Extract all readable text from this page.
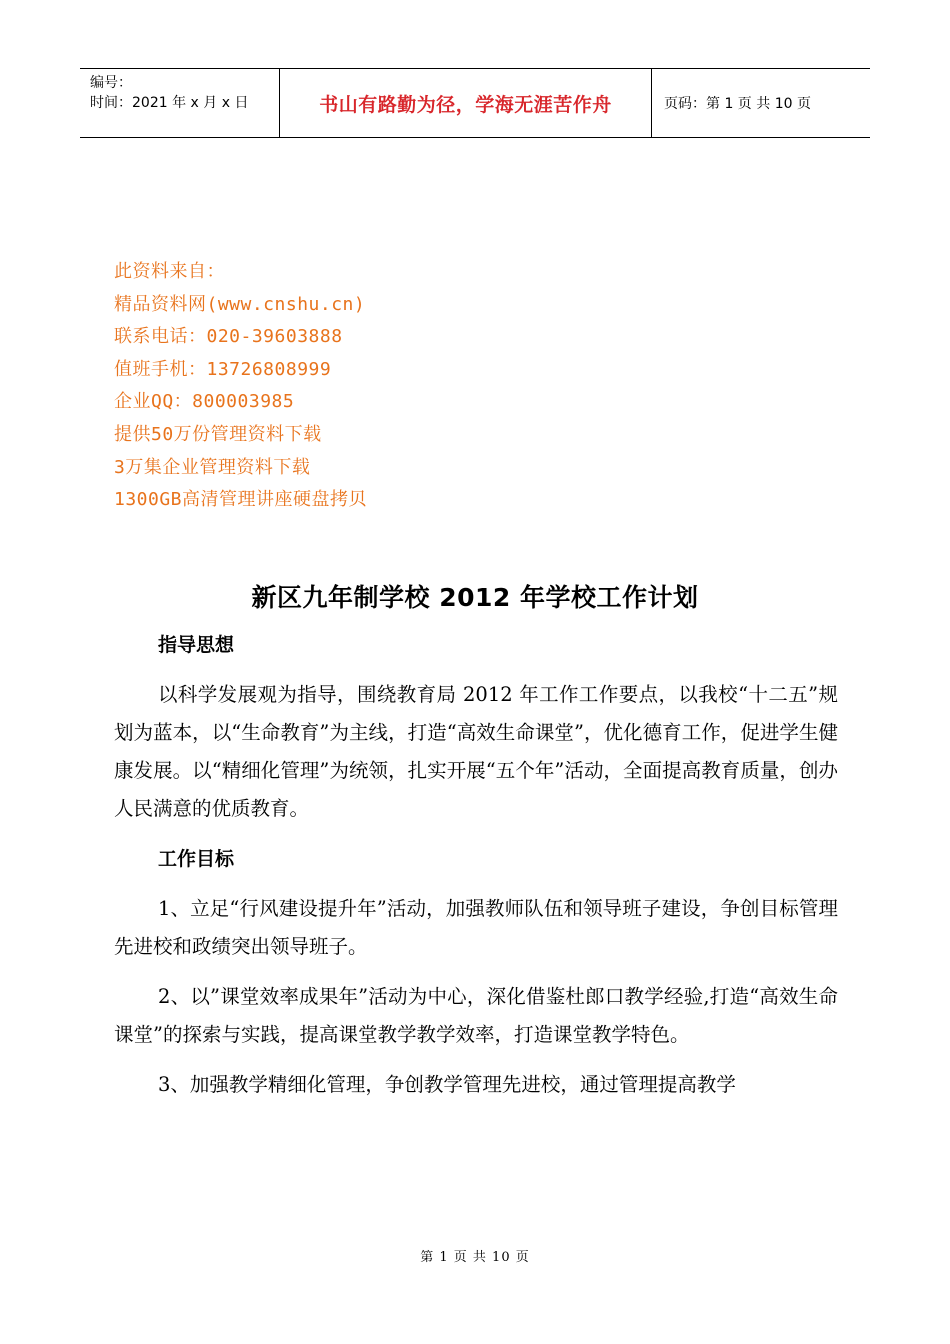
编号：
时间：2021 年 x 月 x 日	书山有路勤为径，学海无涯苦作舟	页码：第 1 页 共 10 页
此资料来自：
精品资料网(www.cnshu.cn)
联系电话：020-39603888
值班手机：13726808999
企业QQ：800003985
提供50万份管理资料下载
3万集企业管理资料下载
1300GB高清管理讲座硬盘拷贝
新区九年制学校 2012 年学校工作计划
指导思想
以科学发展观为指导，围绕教育局 2012 年工作工作要点，以我校“十二五”规划为蓝本，以“生命教育”为主线，打造“高效生命课堂”，优化德育工作，促进学生健康发展。以“精细化管理”为统领，扎实开展“五个年”活动，全面提高教育质量，创办人民满意的优质教育。
工作目标
1、立足“行风建设提升年”活动，加强教师队伍和领导班子建设，争创目标管理先进校和政绩突出领导班子。
2、以”课堂效率成果年”活动为中心，深化借鉴杜郎口教学经验,打造“高效生命课堂”的探索与实践，提高课堂教学教学效率，打造课堂教学特色。
3、加强教学精细化管理，争创教学管理先进校，通过管理提高教学
第 1 页 共 10 页
